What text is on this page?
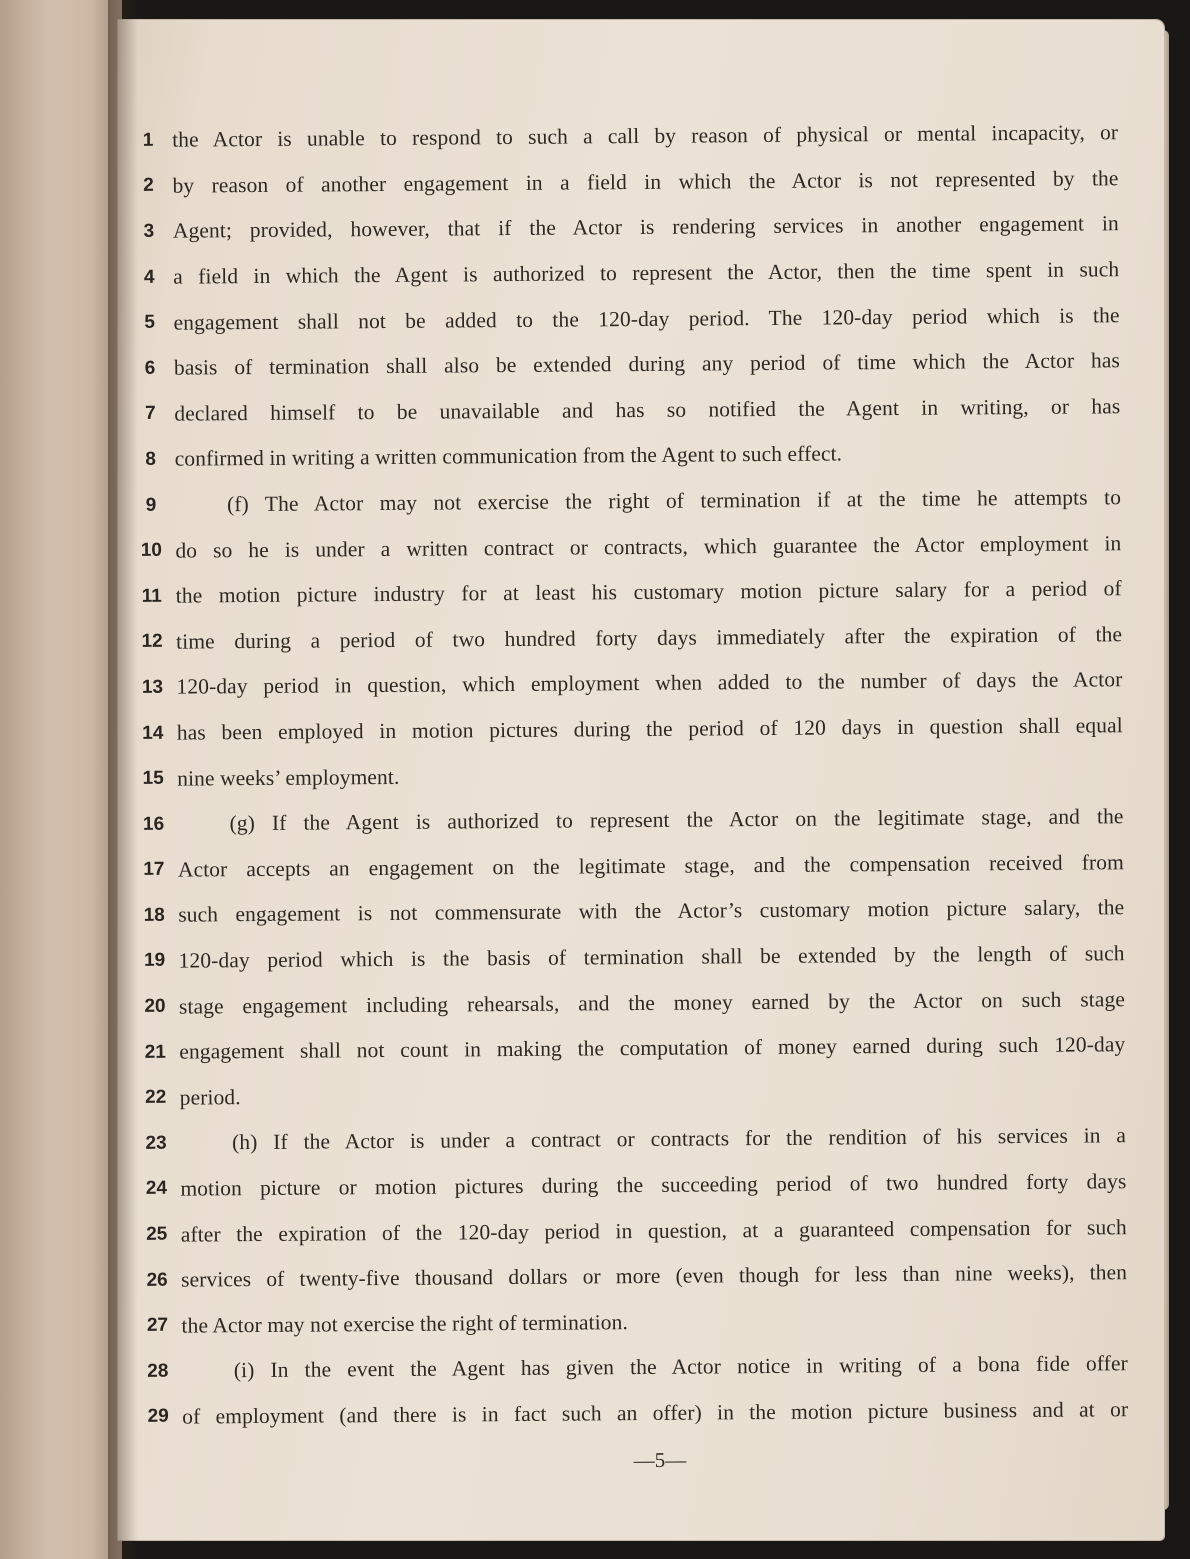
1 the Actor is unable to respond to such a call by reason of physical or mental incapacity, or
2 by reason of another engagement in a field in which the Actor is not represented by the
3 Agent; provided, however, that if the Actor is rendering services in another engagement in
4 a field in which the Agent is authorized to represent the Actor, then the time spent in such
5 engagement shall not be added to the 120-day period. The 120-day period which is the
6 basis of termination shall also be extended during any period of time which the Actor has
7 declared himself to be unavailable and has so notified the Agent in writing, or has
8 confirmed in writing a written communication from the Agent to such effect.
9	(f) The Actor may not exercise the right of termination if at the time he attempts to
10 do so he is under a written contract or contracts, which guarantee the Actor employment in
11 the motion picture industry for at least his customary motion picture salary for a period of
12 time during a period of two hundred forty days immediately after the expiration of the
13 120-day period in question, which employment when added to the number of days the Actor
14 has been employed in motion pictures during the period of 120 days in question shall equal
15 nine weeks’ employment.
16	(g) If the Agent is authorized to represent the Actor on the legitimate stage, and the
17 Actor accepts an engagement on the legitimate stage, and the compensation received from
18 such engagement is not commensurate with the Actor’s customary motion picture salary, the
19 120-day period which is the basis of termination shall be extended by the length of such
20 stage engagement including rehearsals, and the money earned by the Actor on such stage
21 engagement shall not count in making the computation of money earned during such 120-day
22 period.
23	(h) If the Actor is under a contract or contracts for the rendition of his services in a
24 motion picture or motion pictures during the succeeding period of two hundred forty days
25 after the expiration of the 120-day period in question, at a guaranteed compensation for such
26 services of twenty-five thousand dollars or more (even though for less than nine weeks), then
27 the Actor may not exercise the right of termination.
28	(i) In the event the Agent has given the Actor notice in writing of a bona fide offer
29 of employment (and there is in fact such an offer) in the motion picture business and at or
—5—
